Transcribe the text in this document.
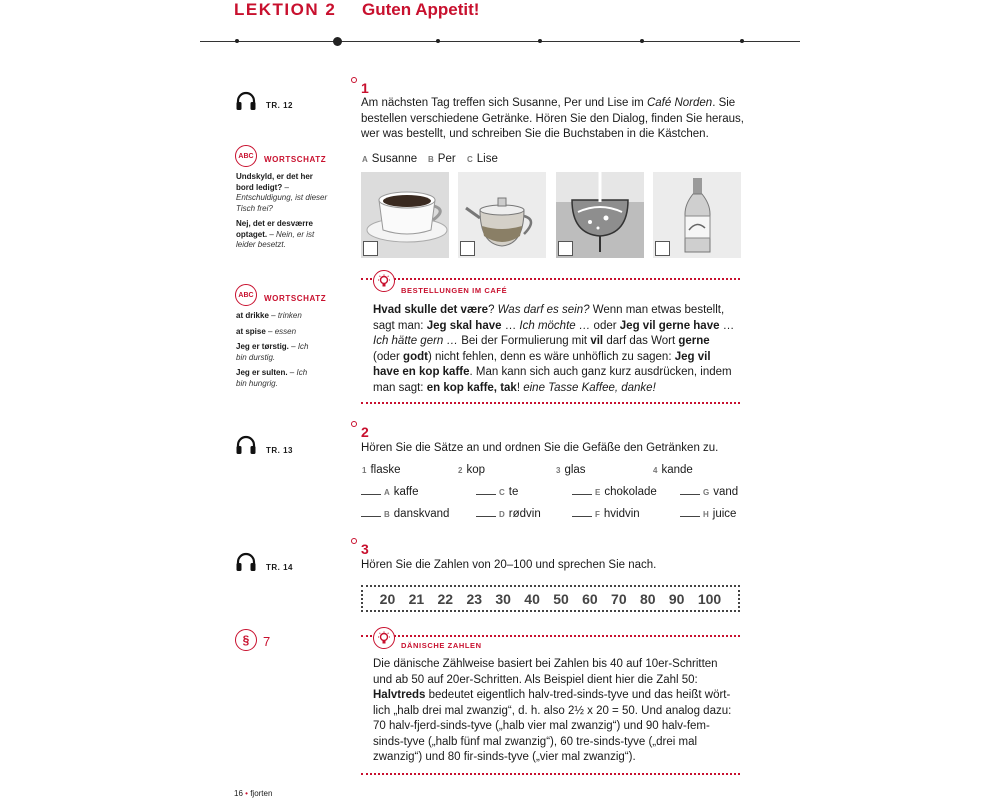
LEKTION 2 Guten Appetit!
TR. 12
ABC	WORTSCHATZ

Undskyld, er det her bord ledigt? – Entschuldigung, ist dieser Tisch frei?

Nej, det er desværre optaget. – Nein, er ist leider besetzt.

ABC	WORTSCHATZ

at drikke – trinken

at spise – essen

Jeg er tørstig. – Ich bin durstig.

Jeg er sulten. – Ich bin hungrig.

TR. 13
TR. 14
§	7
1
Am nächsten Tag treffen sich Susanne, Per und Lise im Café Norden. Sie bestellen verschiedene Getränke. Hören Sie den Dialog, finden Sie heraus, wer was bestellt, und schreiben Sie die Buchstaben in die Kästchen.
A Susanne B Per C Lise
BESTELLUNGEN IM CAFÉ
Hvad skulle det være? Was darf es sein? Wenn man etwas bestellt,
sagt man: Jeg skal have … Ich möchte … oder Jeg vil gerne have …
Ich hätte gern … Bei der Formulierung mit vil darf das Wort gerne
(oder godt) nicht fehlen, denn es wäre unhöflich zu sagen: Jeg vil
have en kop kaffe. Man kann sich auch ganz kurz ausdrücken, indem
man sagt: en kop kaffe, tak! eine Tasse Kaffee, danke!
2
Hören Sie die Sätze an und ordnen Sie die Gefäße den Getränken zu.
1 flaske	2 kop	3 glas	4 kande
A kaffe	C te	E chokolade	G vand
B danskvand	D rødvin	F hvidvin	H juice
3
Hören Sie die Zahlen von 20–100 und sprechen Sie nach.
20 21 22 23 30 40 50 60 70 80 90 100
DÄNISCHE ZAHLEN
Die dänische Zählweise basiert bei Zahlen bis 40 auf 10er-Schritten
und ab 50 auf 20er-Schritten. Als Beispiel dient hier die Zahl 50:
Halvtreds bedeutet eigentlich halv-tred-sinds-tyve und das heißt wört-
lich „halb drei mal zwanzig“, d. h. also 2½ x 20 = 50. Und analog dazu:
70 halv-fjerd-sinds-tyve („halb vier mal zwanzig“) und 90 halv-fem-
sinds-tyve („halb fünf mal zwanzig“), 60 tre-sinds-tyve („drei mal
zwanzig“) und 80 fir-sinds-tyve („vier mal zwanzig“).
16 • fjorten
